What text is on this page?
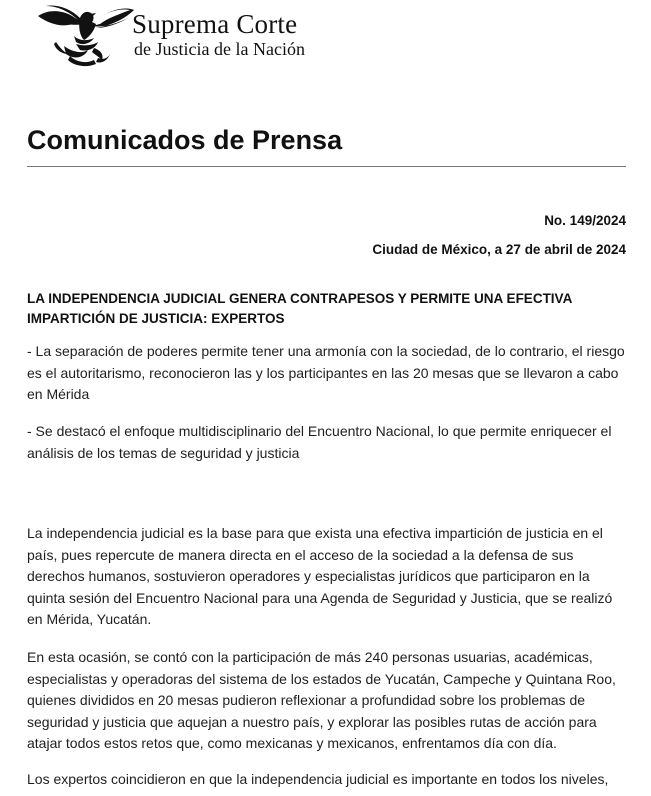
Suprema Corte
de Justicia de la Nación
Comunicados de Prensa
No. 149/2024
Ciudad de México, a 27 de abril de 2024

LA INDEPENDENCIA JUDICIAL GENERA CONTRAPESOS Y PERMITE UNA EFECTIVA IMPARTICIÓN DE JUSTICIA: EXPERTOS

- La separación de poderes permite tener una armonía con la sociedad, de lo contrario, el riesgo es el autoritarismo, reconocieron las y los participantes en las 20 mesas que se llevaron a cabo en Mérida

- Se destacó el enfoque multidisciplinario del Encuentro Nacional, lo que permite enriquecer el análisis de los temas de seguridad y justicia

La independencia judicial es la base para que exista una efectiva impartición de justicia en el país, pues repercute de manera directa en el acceso de la sociedad a la defensa de sus derechos humanos, sostuvieron operadores y especialistas jurídicos que participaron en la quinta sesión del Encuentro Nacional para una Agenda de Seguridad y Justicia, que se realizó en Mérida, Yucatán.

En esta ocasión, se contó con la participación de más 240 personas usuarias, académicas, especialistas y operadoras del sistema de los estados de Yucatán, Campeche y Quintana Roo, quienes divididos en 20 mesas pudieron reflexionar a profundidad sobre los problemas de seguridad y justicia que aquejan a nuestro país, y explorar las posibles rutas de acción para atajar todos estos retos que, como mexicanas y mexicanos, enfrentamos día con día.

Los expertos coincidieron en que la independencia judicial es importante en todos los niveles,
